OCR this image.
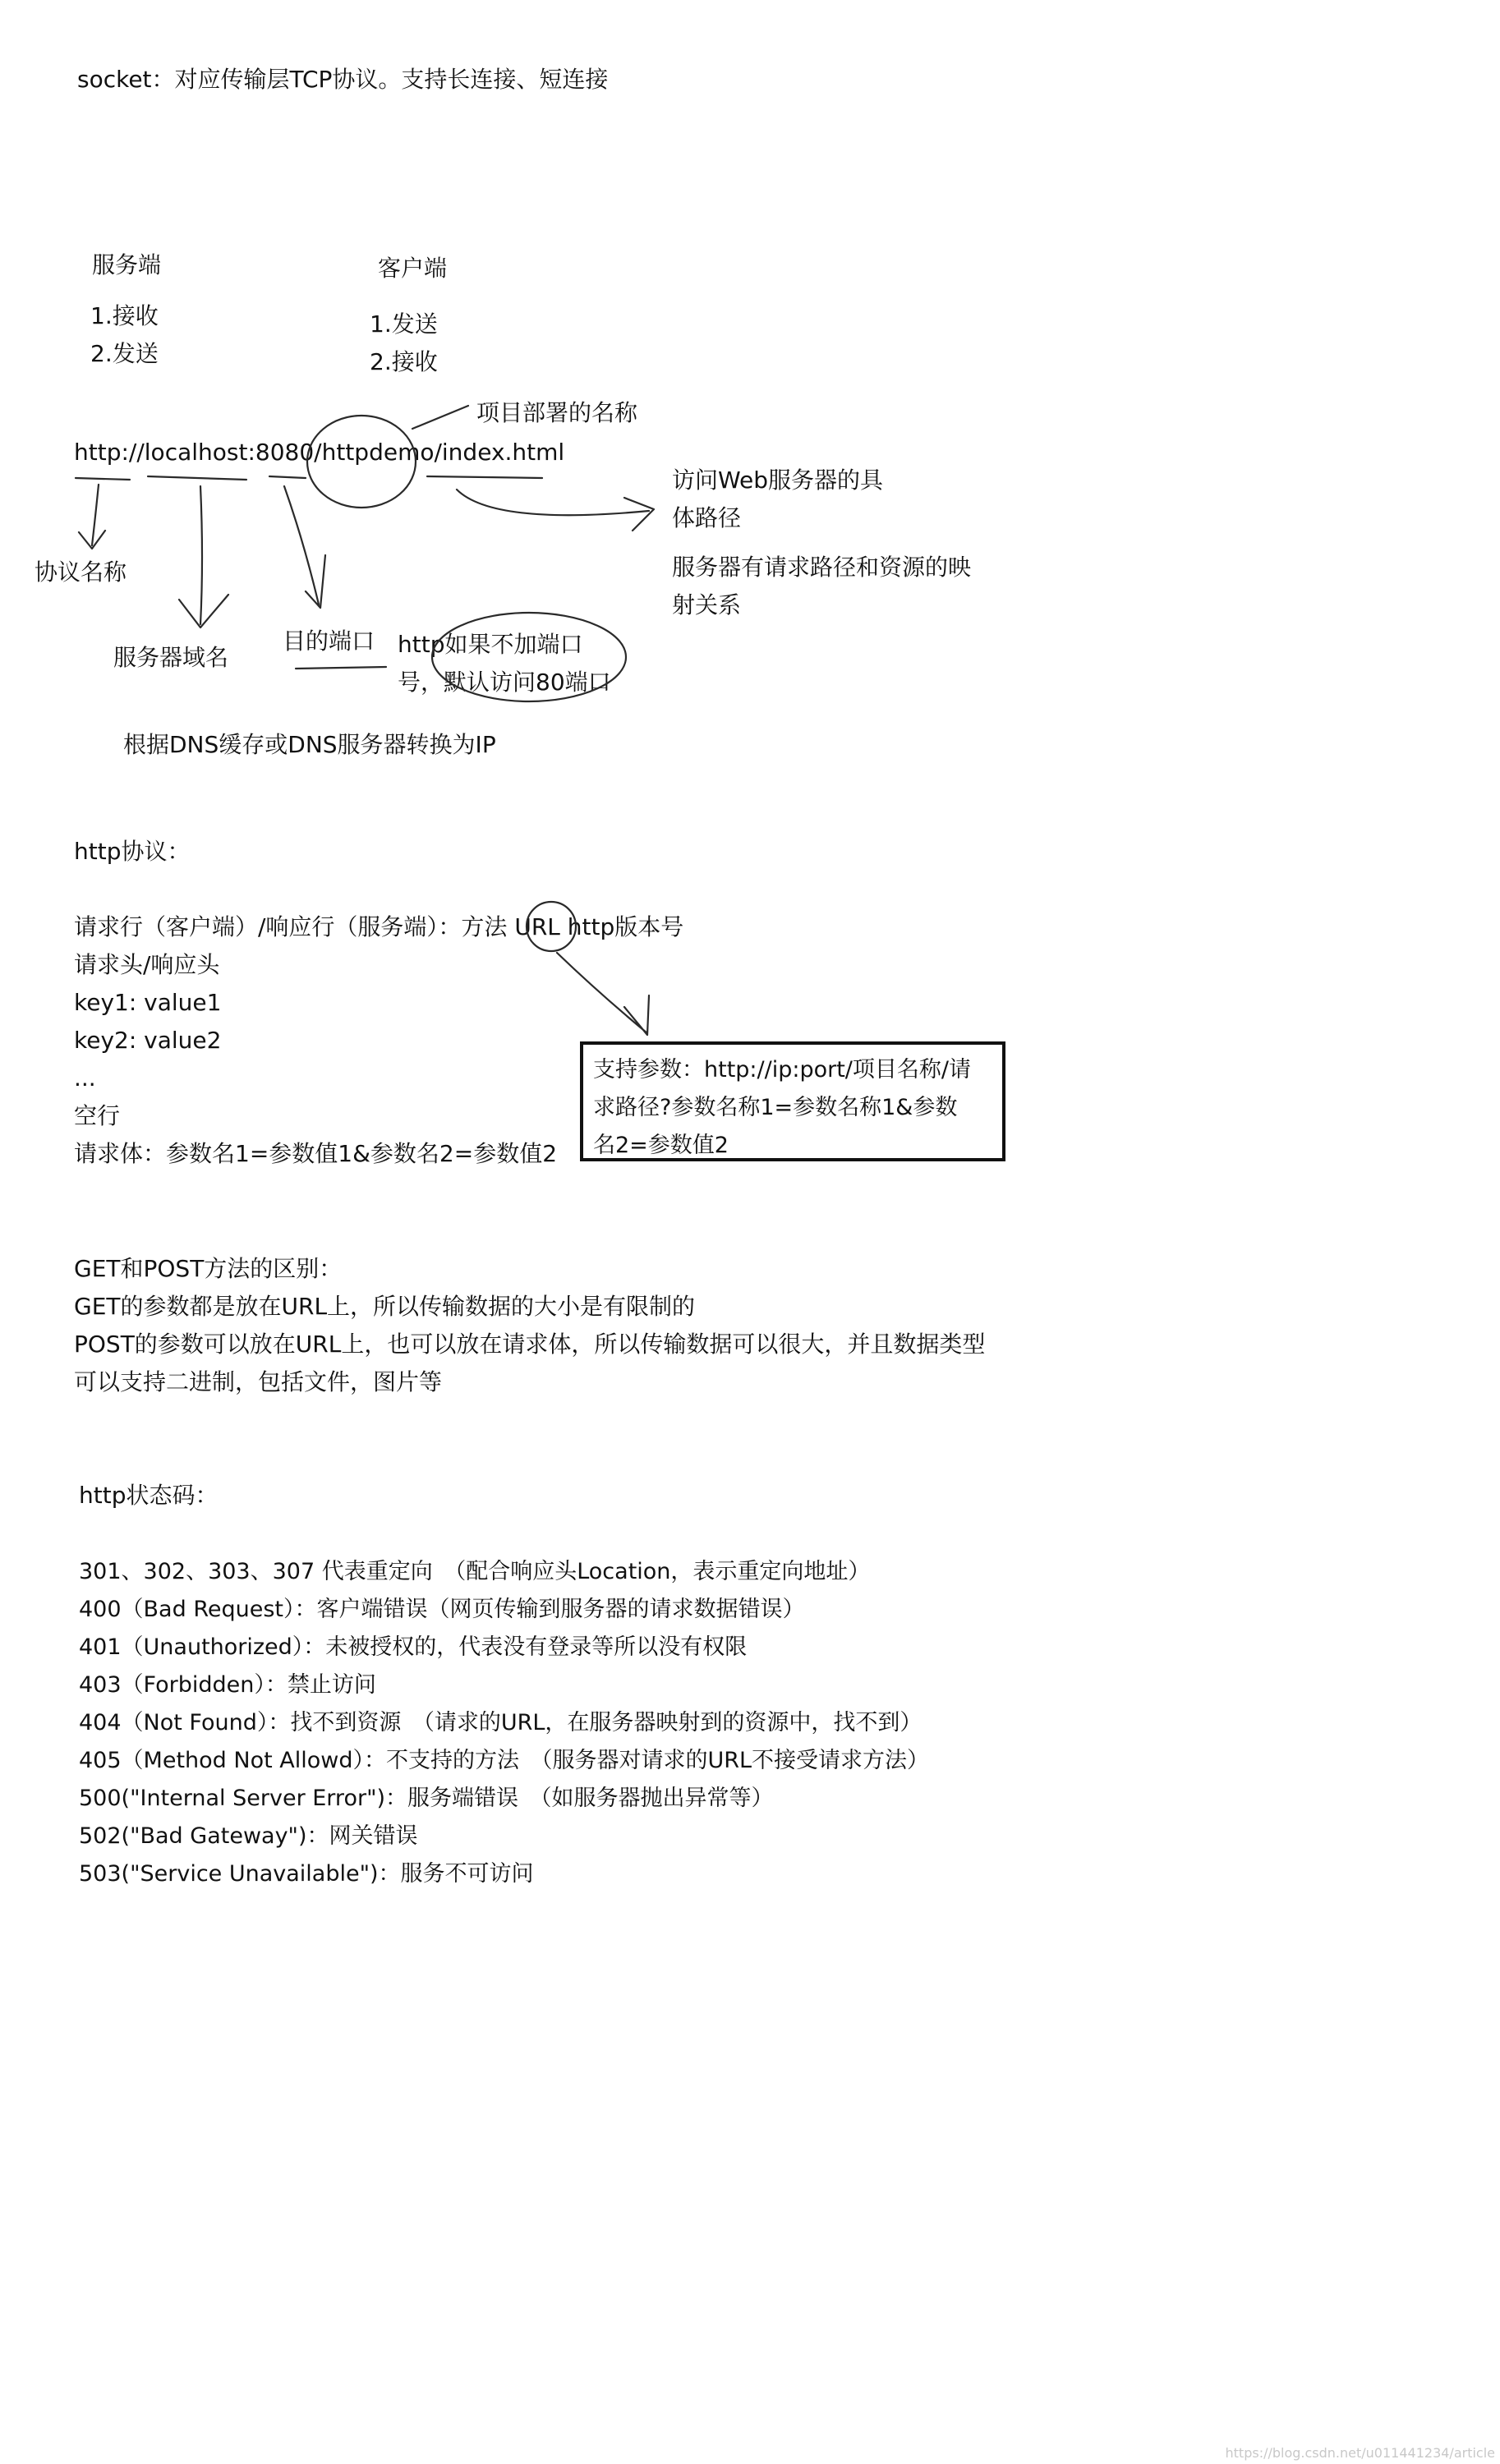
socket：对应传输层TCP协议。支持长连接、短连接
服务端
1.接收
2.发送
客户端
1.发送
2.接收
项目部署的名称
http://localhost:8080/httpdemo/index.html
访问Web服务器的具
体路径
服务器有请求路径和资源的映
射关系
协议名称
服务器域名
目的端口 http如果不加端口
号，默认访问80端口
根据DNS缓存或DNS服务器转换为IP
http协议：
请求行（客户端）/响应行（服务端）：方法 URL http版本号
请求头/响应头
key1: value1
key2: value2
...
空行
请求体：参数名1=参数值1&参数名2=参数值2
支持参数：http://ip:port/项目名称/请
求路径?参数名称1=参数名称1&参数
名2=参数值2
GET和POST方法的区别：
GET的参数都是放在URL上，所以传输数据的大小是有限制的
POST的参数可以放在URL上，也可以放在请求体，所以传输数据可以很大，并且数据类型
可以支持二进制，包括文件，图片等
http状态码：
301、302、303、307 代表重定向　（配合响应头Location，表示重定向地址）
400（Bad Request）：客户端错误（网页传输到服务器的请求数据错误）
401（Unauthorized）：未被授权的，代表没有登录等所以没有权限
403（Forbidden）：禁止访问
404（Not Found）：找不到资源　（请求的URL，在服务器映射到的资源中，找不到）
405（Method Not Allowd）：不支持的方法　（服务器对请求的URL不接受请求方法）
500("Internal Server Error")：服务端错误　（如服务器抛出异常等）
502("Bad Gateway")：网关错误
503("Service Unavailable")：服务不可访问
https://blog.csdn.net/u011441234/article
